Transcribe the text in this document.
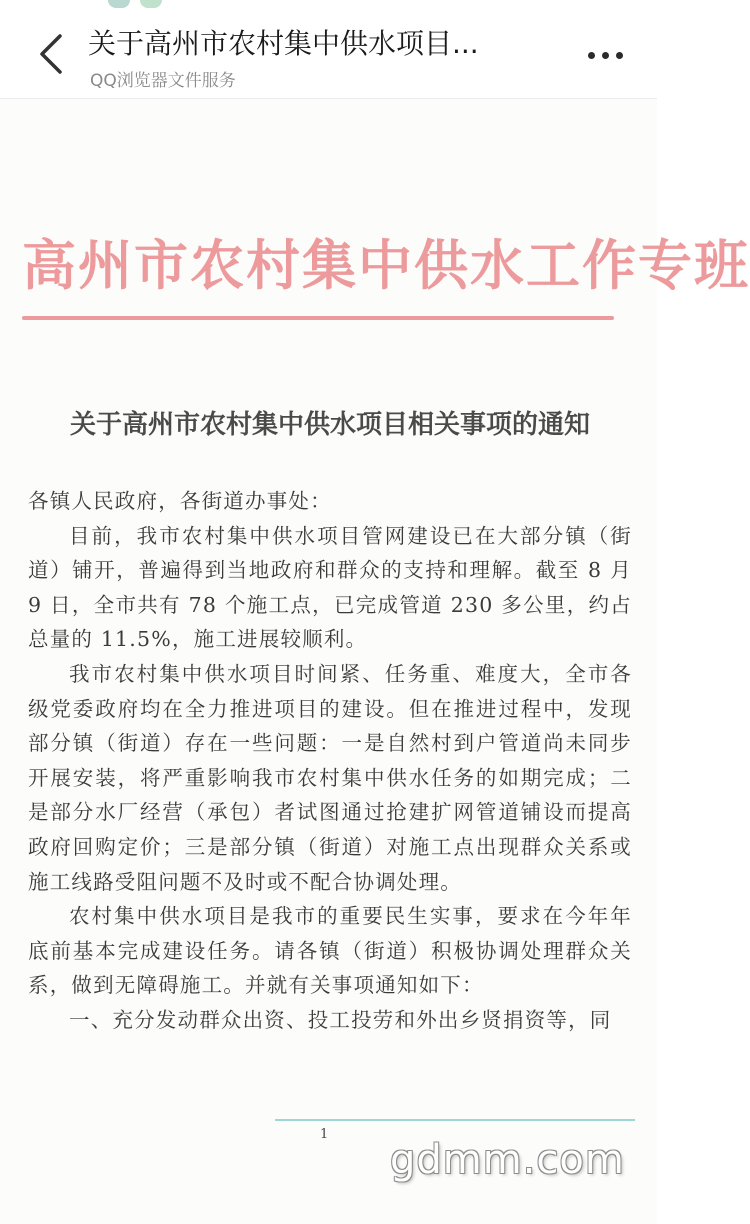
关于高州市农村集中供水项目...
QQ浏览器文件服务
高州市农村集中供水工作专班
关于高州市农村集中供水项目相关事项的通知

各镇人民政府，各街道办事处：

目前，我市农村集中供水项目管网建设已在大部分镇（街道）铺开，普遍得到当地政府和群众的支持和理解。截至 8 月 9 日，全市共有 78 个施工点，已完成管道 230 多公里，约占总量的 11.5%，施工进展较顺利。

我市农村集中供水项目时间紧、任务重、难度大，全市各级党委政府均在全力推进项目的建设。但在推进过程中，发现部分镇（街道）存在一些问题：一是自然村到户管道尚未同步开展安装，将严重影响我市农村集中供水任务的如期完成；二是部分水厂经营（承包）者试图通过抢建扩网管道铺设而提高政府回购定价；三是部分镇（街道）对施工点出现群众关系或施工线路受阻问题不及时或不配合协调处理。

农村集中供水项目是我市的重要民生实事，要求在今年年底前基本完成建设任务。请各镇（街道）积极协调处理群众关系，做到无障碍施工。并就有关事项通知如下：

一、充分发动群众出资、投工投劳和外出乡贤捐资等，同

1
gdmm.com
